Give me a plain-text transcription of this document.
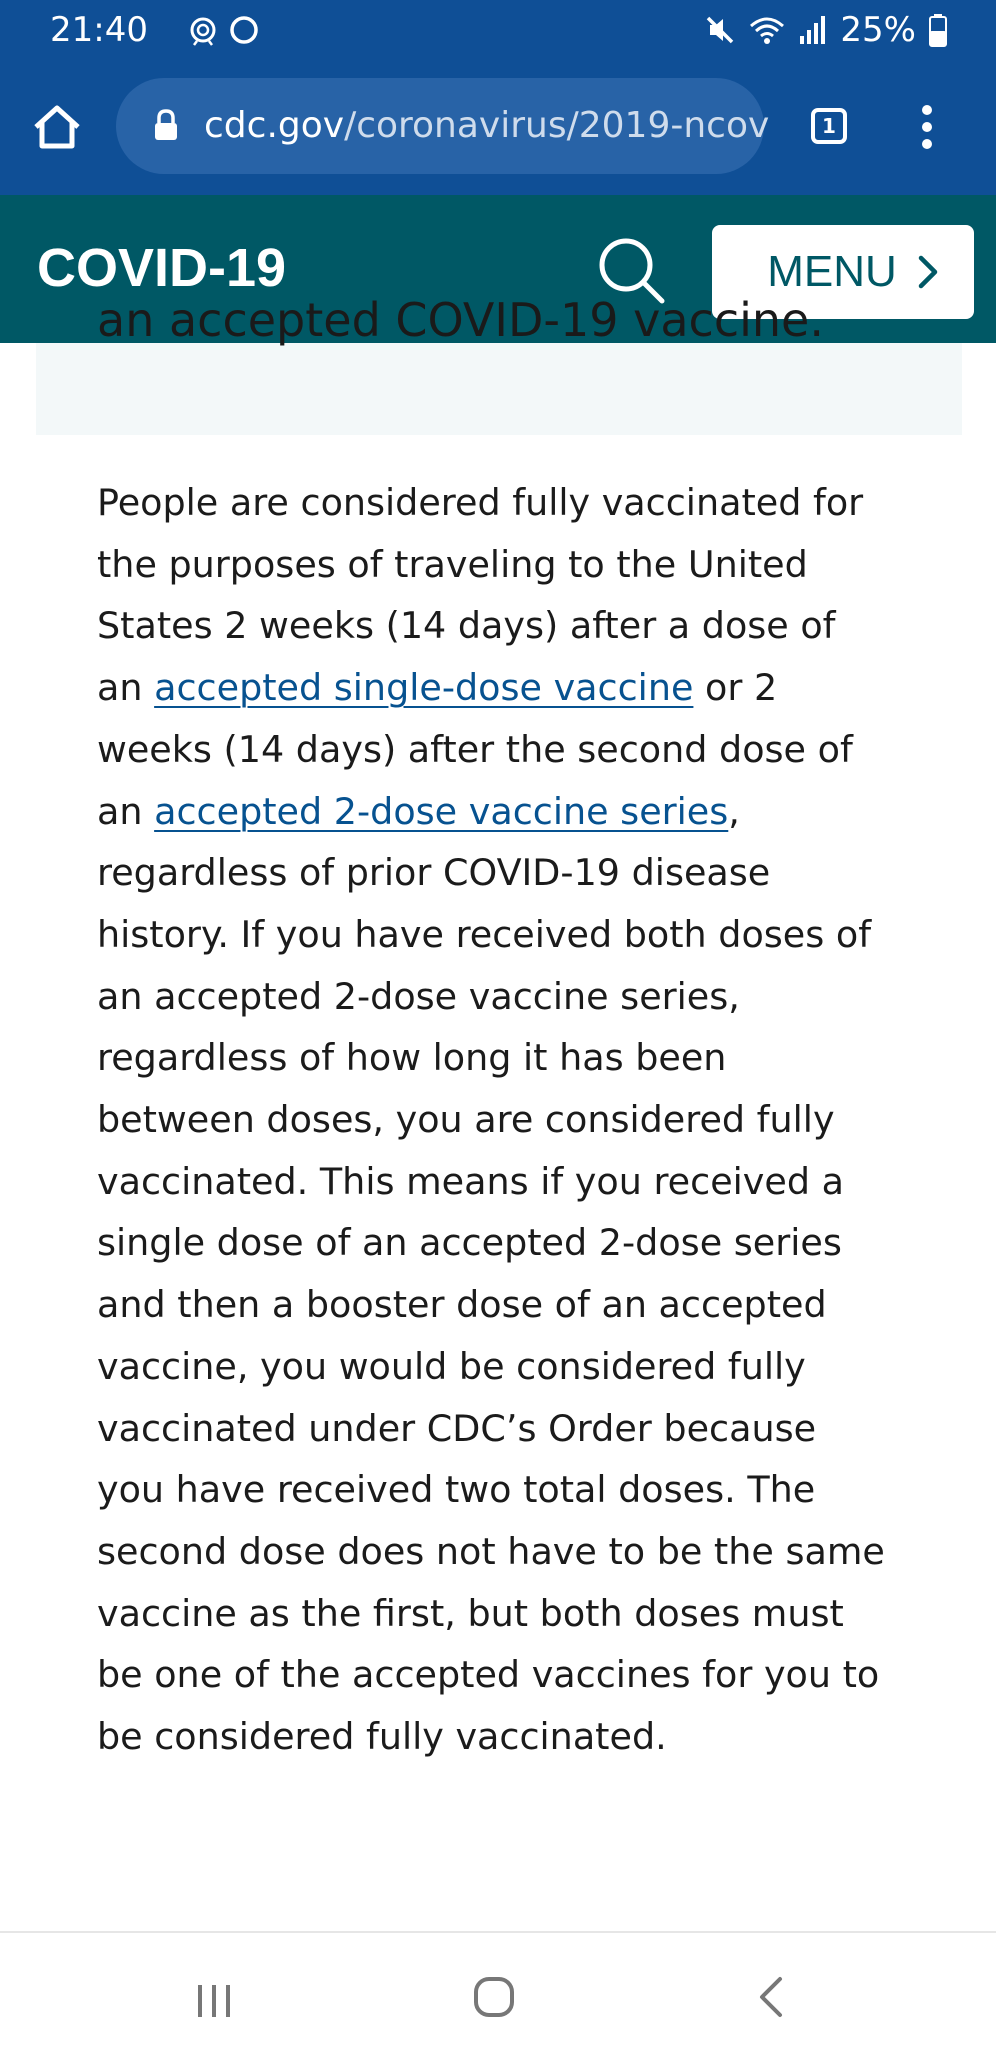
21:40	25%
cdc.gov/coronavirus/2019-ncov	1
COVID-19	MENU
an accepted COVID-19 vaccine.

People are considered fully vaccinated for the purposes of traveling to the United States 2 weeks (14 days) after a dose of an accepted single-dose vaccine or 2 weeks (14 days) after the second dose of an accepted 2-dose vaccine series, regardless of prior COVID-19 disease history. If you have received both doses of an accepted 2-dose vaccine series, regardless of how long it has been between doses, you are considered fully vaccinated. This means if you received a single dose of an accepted 2-dose series and then a booster dose of an accepted vaccine, you would be considered fully vaccinated under CDC’s Order because you have received two total doses. The second dose does not have to be the same vaccine as the first, but both doses must be one of the accepted vaccines for you to be considered fully vaccinated.
